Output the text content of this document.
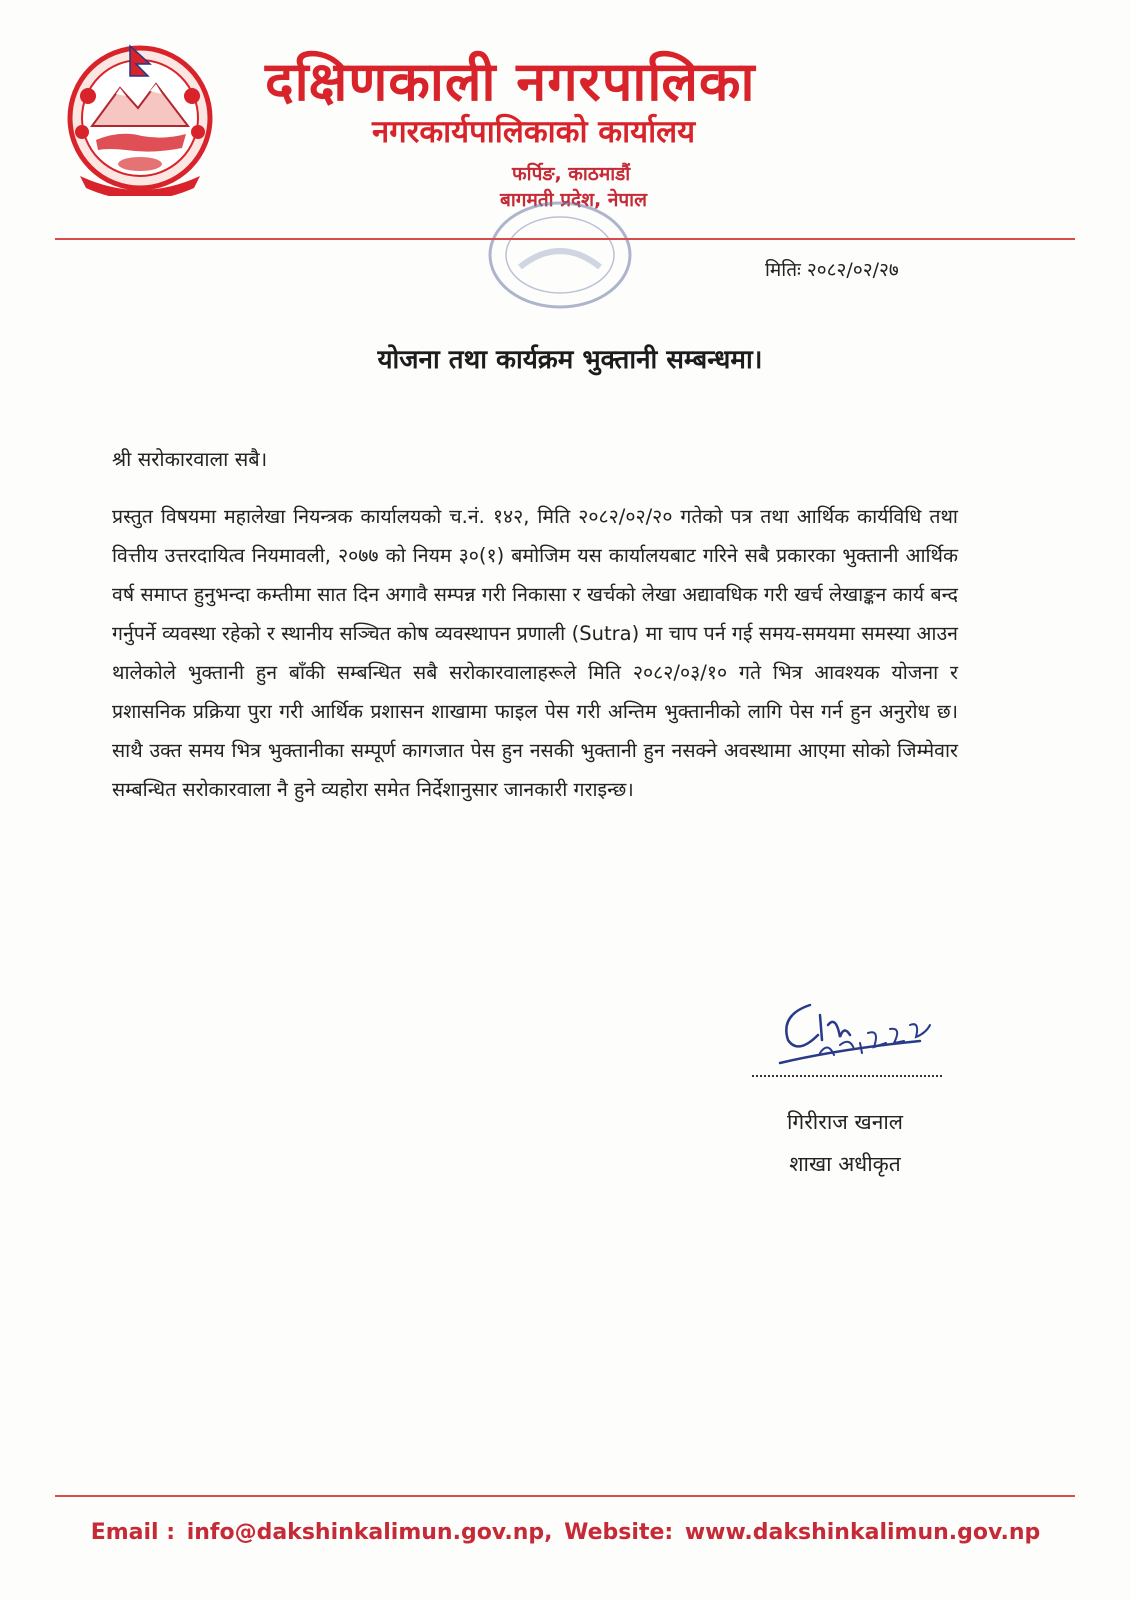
दक्षिणकाली नगरपालिका
नगरकार्यपालिकाको कार्यालय
फर्पिङ, काठमाडौं
बागमती प्रदेश, नेपाल
मितिः २०८२/०२/२७
योजना तथा कार्यक्रम भुक्तानी सम्बन्धमा।
श्री सरोकारवाला सबै।
प्रस्तुत विषयमा महालेखा नियन्त्रक कार्यालयको च.नं. १४२, मिति २०८२/०२/२० गतेको पत्र तथा आर्थिक कार्यविधि तथा वित्तीय उत्तरदायित्व नियमावली, २०७७ को नियम ३०(१) बमोजिम यस कार्यालयबाट गरिने सबै प्रकारका भुक्तानी आर्थिक वर्ष समाप्त हुनुभन्दा कम्तीमा सात दिन अगावै सम्पन्न गरी निकासा र खर्चको लेखा अद्यावधिक गरी खर्च लेखाङ्कन कार्य बन्द गर्नुपर्ने व्यवस्था रहेको र स्थानीय सञ्चित कोष व्यवस्थापन प्रणाली (Sutra) मा चाप पर्न गई समय-समयमा समस्या आउन थालेकोले भुक्तानी हुन बाँकी सम्बन्धित सबै सरोकारवालाहरूले मिति २०८२/०३/१० गते भित्र आवश्यक योजना र प्रशासनिक प्रक्रिया पुरा गरी आर्थिक प्रशासन शाखामा फाइल पेस गरी अन्तिम भुक्तानीको लागि पेस गर्न हुन अनुरोध छ। साथै उक्त समय भित्र भुक्तानीका सम्पूर्ण कागजात पेस हुन नसकी भुक्तानी हुन नसक्ने अवस्थामा आएमा सोको जिम्मेवार सम्बन्धित सरोकारवाला नै हुने व्यहोरा समेत निर्देशानुसार जानकारी गराइन्छ।
गिरीराज खनाल
शाखा अधीकृत
Email : info@dakshinkalimun.gov.np, Website: www.dakshinkalimun.gov.np
